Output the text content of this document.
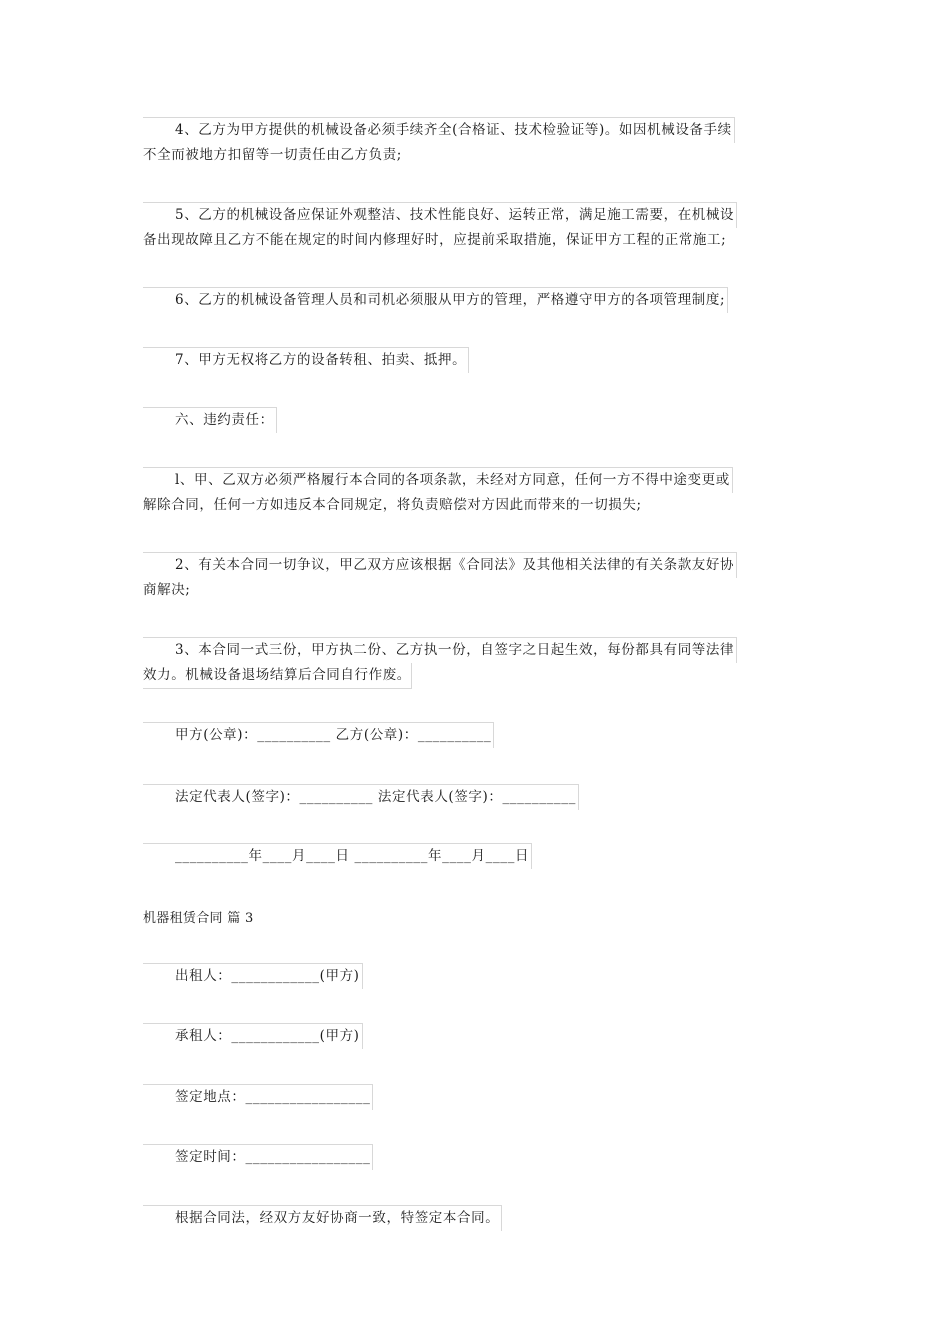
4、乙方为甲方提供的机械设备必须手续齐全(合格证、技术检验证等)。如因机械设备手续
不全而被地方扣留等一切责任由乙方负责;
5、乙方的机械设备应保证外观整洁、技术性能良好、运转正常，满足施工需要，在机械设
备出现故障且乙方不能在规定的时间内修理好时，应提前采取措施，保证甲方工程的正常施工;
6、乙方的机械设备管理人员和司机必须服从甲方的管理，严格遵守甲方的各项管理制度;
7、甲方无权将乙方的设备转租、拍卖、抵押。
六、违约责任：
l、甲、乙双方必须严格履行本合同的各项条款，未经对方同意，任何一方不得中途变更或
解除合同，任何一方如违反本合同规定，将负责赔偿对方因此而带来的一切损失;
2、有关本合同一切争议，甲乙双方应该根据《合同法》及其他相关法律的有关条款友好协
商解决;
3、本合同一式三份，甲方执二份、乙方执一份，自签字之日起生效，每份都具有同等法律
效力。机械设备退场结算后合同自行作废。
甲方(公章)：__________ 乙方(公章)：__________
法定代表人(签字)：__________ 法定代表人(签字)：__________
__________年____月____日 __________年____月____日
机器租赁合同 篇 3
出租人：____________(甲方)
承租人：____________(甲方)
签定地点：_________________
签定时间：_________________
根据合同法，经双方友好协商一致，特签定本合同。
